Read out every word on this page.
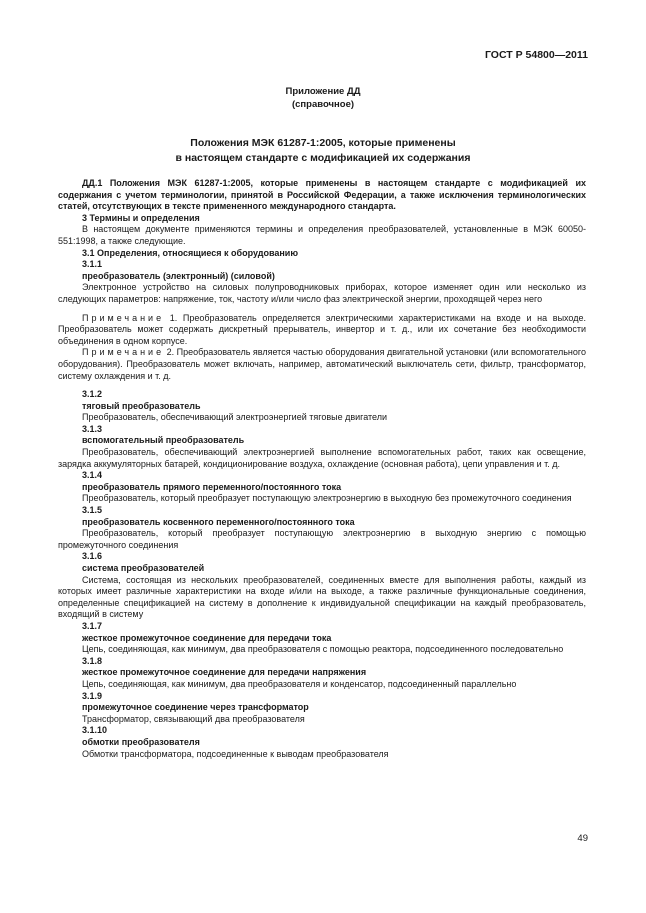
ГОСТ Р 54800—2011
Приложение ДД
(справочное)
Положения МЭК 61287-1:2005, которые применены
в настоящем стандарте с модификацией их содержания

ДД.1 Положения МЭК 61287-1:2005, которые применены в настоящем стандарте с модификацией их содержания с учетом терминологии, принятой в Российской Федерации, а также исключения терминологических статей, отсутствующих в тексте примененного международного стандарта.

3 Термины и определения

В настоящем документе применяются термины и определения преобразователей, установленные в МЭК 60050-551:1998, а также следующие.

3.1 Определения, относящиеся к оборудованию

3.1.1

преобразователь (электронный) (силовой)

Электронное устройство на силовых полупроводниковых приборах, которое изменяет один или несколько из следующих параметров: напряжение, ток, частоту и/или число фаз электрической энергии, проходящей через него

Примечание 1. Преобразователь определяется электрическими характеристиками на входе и на выходе. Преобразователь может содержать дискретный прерыватель, инвертор и т. д., или их сочетание без необходимости объединения в одном корпусе.

Примечание 2. Преобразователь является частью оборудования двигательной установки (или вспомогательного оборудования). Преобразователь может включать, например, автоматический выключатель сети, фильтр, трансформатор, систему охлаждения и т. д.

3.1.2

тяговый преобразователь

Преобразователь, обеспечивающий электроэнергией тяговые двигатели

3.1.3

вспомогательный преобразователь

Преобразователь, обеспечивающий электроэнергией выполнение вспомогательных работ, таких как освещение, зарядка аккумуляторных батарей, кондиционирование воздуха, охлаждение (основная работа), цепи управления и т. д.

3.1.4

преобразователь прямого переменного/постоянного тока

Преобразователь, который преобразует поступающую электроэнергию в выходную без промежуточного соединения

3.1.5

преобразователь косвенного переменного/постоянного тока

Преобразователь, который преобразует поступающую электроэнергию в выходную энергию с помощью промежуточного соединения

3.1.6

система преобразователей

Система, состоящая из нескольких преобразователей, соединенных вместе для выполнения работы, каждый из которых имеет различные характеристики на входе и/или на выходе, а также различные функциональные соединения, определенные спецификацией на систему в дополнение к индивидуальной спецификации на каждый преобразователь, входящий в систему

3.1.7

жесткое промежуточное соединение для передачи тока

Цепь, соединяющая, как минимум, два преобразователя с помощью реактора, подсоединенного последовательно

3.1.8

жесткое промежуточное соединение для передачи напряжения

Цепь, соединяющая, как минимум, два преобразователя и конденсатор, подсоединенный параллельно

3.1.9

промежуточное соединение через трансформатор

Трансформатор, связывающий два преобразователя

3.1.10

обмотки преобразователя

Обмотки трансформатора, подсоединенные к выводам преобразователя

49
